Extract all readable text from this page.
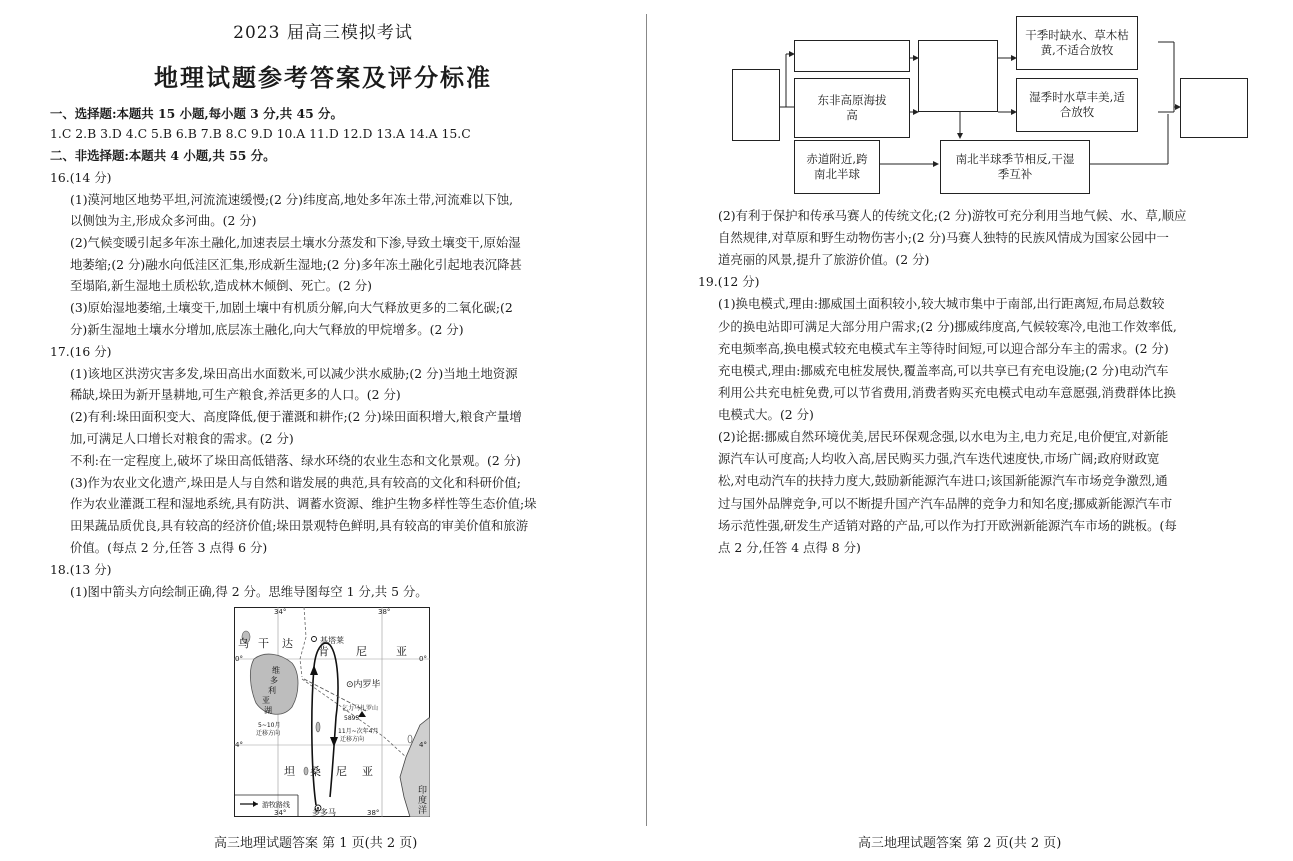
2023 届高三模拟考试
地理试题参考答案及评分标准
一、选择题:本题共 15 小题,每小题 3 分,共 45 分。
1.C 2.B 3.D 4.C 5.B 6.B 7.B 8.C 9.D 10.A 11.D 12.D 13.A 14.A 15.C
二、非选择题:本题共 4 小题,共 55 分。
16.(14 分)
(1)漠河地区地势平坦,河流流速缓慢;(2 分)纬度高,地处多年冻土带,河流难以下蚀,
以侧蚀为主,形成众多河曲。(2 分)
(2)气候变暖引起多年冻土融化,加速表层土壤水分蒸发和下渗,导致土壤变干,原始湿
地萎缩;(2 分)融水向低洼区汇集,形成新生湿地;(2 分)多年冻土融化引起地表沉降甚
至塌陷,新生湿地土质松软,造成林木倾倒、死亡。(2 分)
(3)原始湿地萎缩,土壤变干,加剧土壤中有机质分解,向大气释放更多的二氧化碳;(2
分)新生湿地土壤水分增加,底层冻土融化,向大气释放的甲烷增多。(2 分)
17.(16 分)
(1)该地区洪涝灾害多发,垛田高出水面数米,可以减少洪水威胁;(2 分)当地土地资源
稀缺,垛田为新开垦耕地,可生产粮食,养活更多的人口。(2 分)
(2)有利:垛田面积变大、高度降低,便于灌溉和耕作;(2 分)垛田面积增大,粮食产量增
加,可满足人口增长对粮食的需求。(2 分)
不利:在一定程度上,破坏了垛田高低错落、绿水环绕的农业生态和文化景观。(2 分)
(3)作为农业文化遗产,垛田是人与自然和谐发展的典范,具有较高的文化和科研价值;
作为农业灌溉工程和湿地系统,具有防洪、调蓄水资源、维护生物多样性等生态价值;垛
田果蔬品质优良,具有较高的经济价值;垛田景观特色鲜明,具有较高的审美价值和旅游
价值。(每点 2 分,任答 3 点得 6 分)
18.(13 分)
(1)图中箭头方向绘制正确,得 2 分。思维导图每空 1 分,共 5 分。
34°	38°
0°	0°
4°	4°
34°	38°
乌 干 达
肯 尼	亚
坦 桑 尼 亚
维
多
利
亚
湖
印
度
洋
基塔莱
⊙内罗毕
多多马
乞力马扎罗山
5895
5~10月
迁移方向	11月~次年4月
迁移方向
游牧路线
高三地理试题答案 第 1 页(共 2 页)
东非高原海拔高
赤道附近,跨南北半球
南北半球季节相反,干湿季互补
干季时缺水、草木枯黄,不适合放牧
湿季时水草丰美,适合放牧
(2)有利于保护和传承马赛人的传统文化;(2 分)游牧可充分利用当地气候、水、草,顺应
自然规律,对草原和野生动物伤害小;(2 分)马赛人独特的民族风情成为国家公园中一
道亮丽的风景,提升了旅游价值。(2 分)
19.(12 分)
(1)换电模式,理由:挪威国土面积较小,较大城市集中于南部,出行距离短,布局总数较
少的换电站即可满足大部分用户需求;(2 分)挪威纬度高,气候较寒冷,电池工作效率低,
充电频率高,换电模式较充电模式车主等待时间短,可以迎合部分车主的需求。(2 分)
充电模式,理由:挪威充电桩发展快,覆盖率高,可以共享已有充电设施;(2 分)电动汽车
利用公共充电桩免费,可以节省费用,消费者购买充电模式电动车意愿强,消费群体比换
电模式大。(2 分)
(2)论据:挪威自然环境优美,居民环保观念强,以水电为主,电力充足,电价便宜,对新能
源汽车认可度高;人均收入高,居民购买力强,汽车迭代速度快,市场广阔;政府财政宽
松,对电动汽车的扶持力度大,鼓励新能源汽车进口;该国新能源汽车市场竞争激烈,通
过与国外品牌竞争,可以不断提升国产汽车品牌的竞争力和知名度;挪威新能源汽车市
场示范性强,研发生产适销对路的产品,可以作为打开欧洲新能源汽车市场的跳板。(每
点 2 分,任答 4 点得 8 分)
高三地理试题答案 第 2 页(共 2 页)
